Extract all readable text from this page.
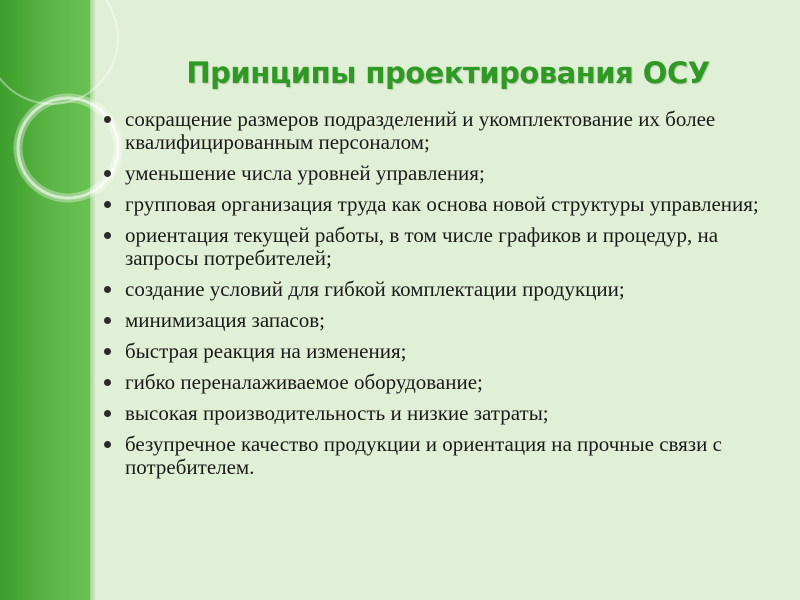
Принципы проектирования ОСУ
сокращение размеров подразделений и укомплектование их более квалифицированным персоналом;
уменьшение числа уровней управления;
групповая организация труда как основа новой структуры управления;
ориентация текущей работы, в том числе графиков и процедур, на запросы потребителей;
создание условий для гибкой комплектации продукции;
минимизация запасов;
быстрая реакция на изменения;
гибко переналаживаемое оборудование;
высокая производительность и низкие затраты;
безупречное качество продукции и ориентация на прочные связи с потребителем.
